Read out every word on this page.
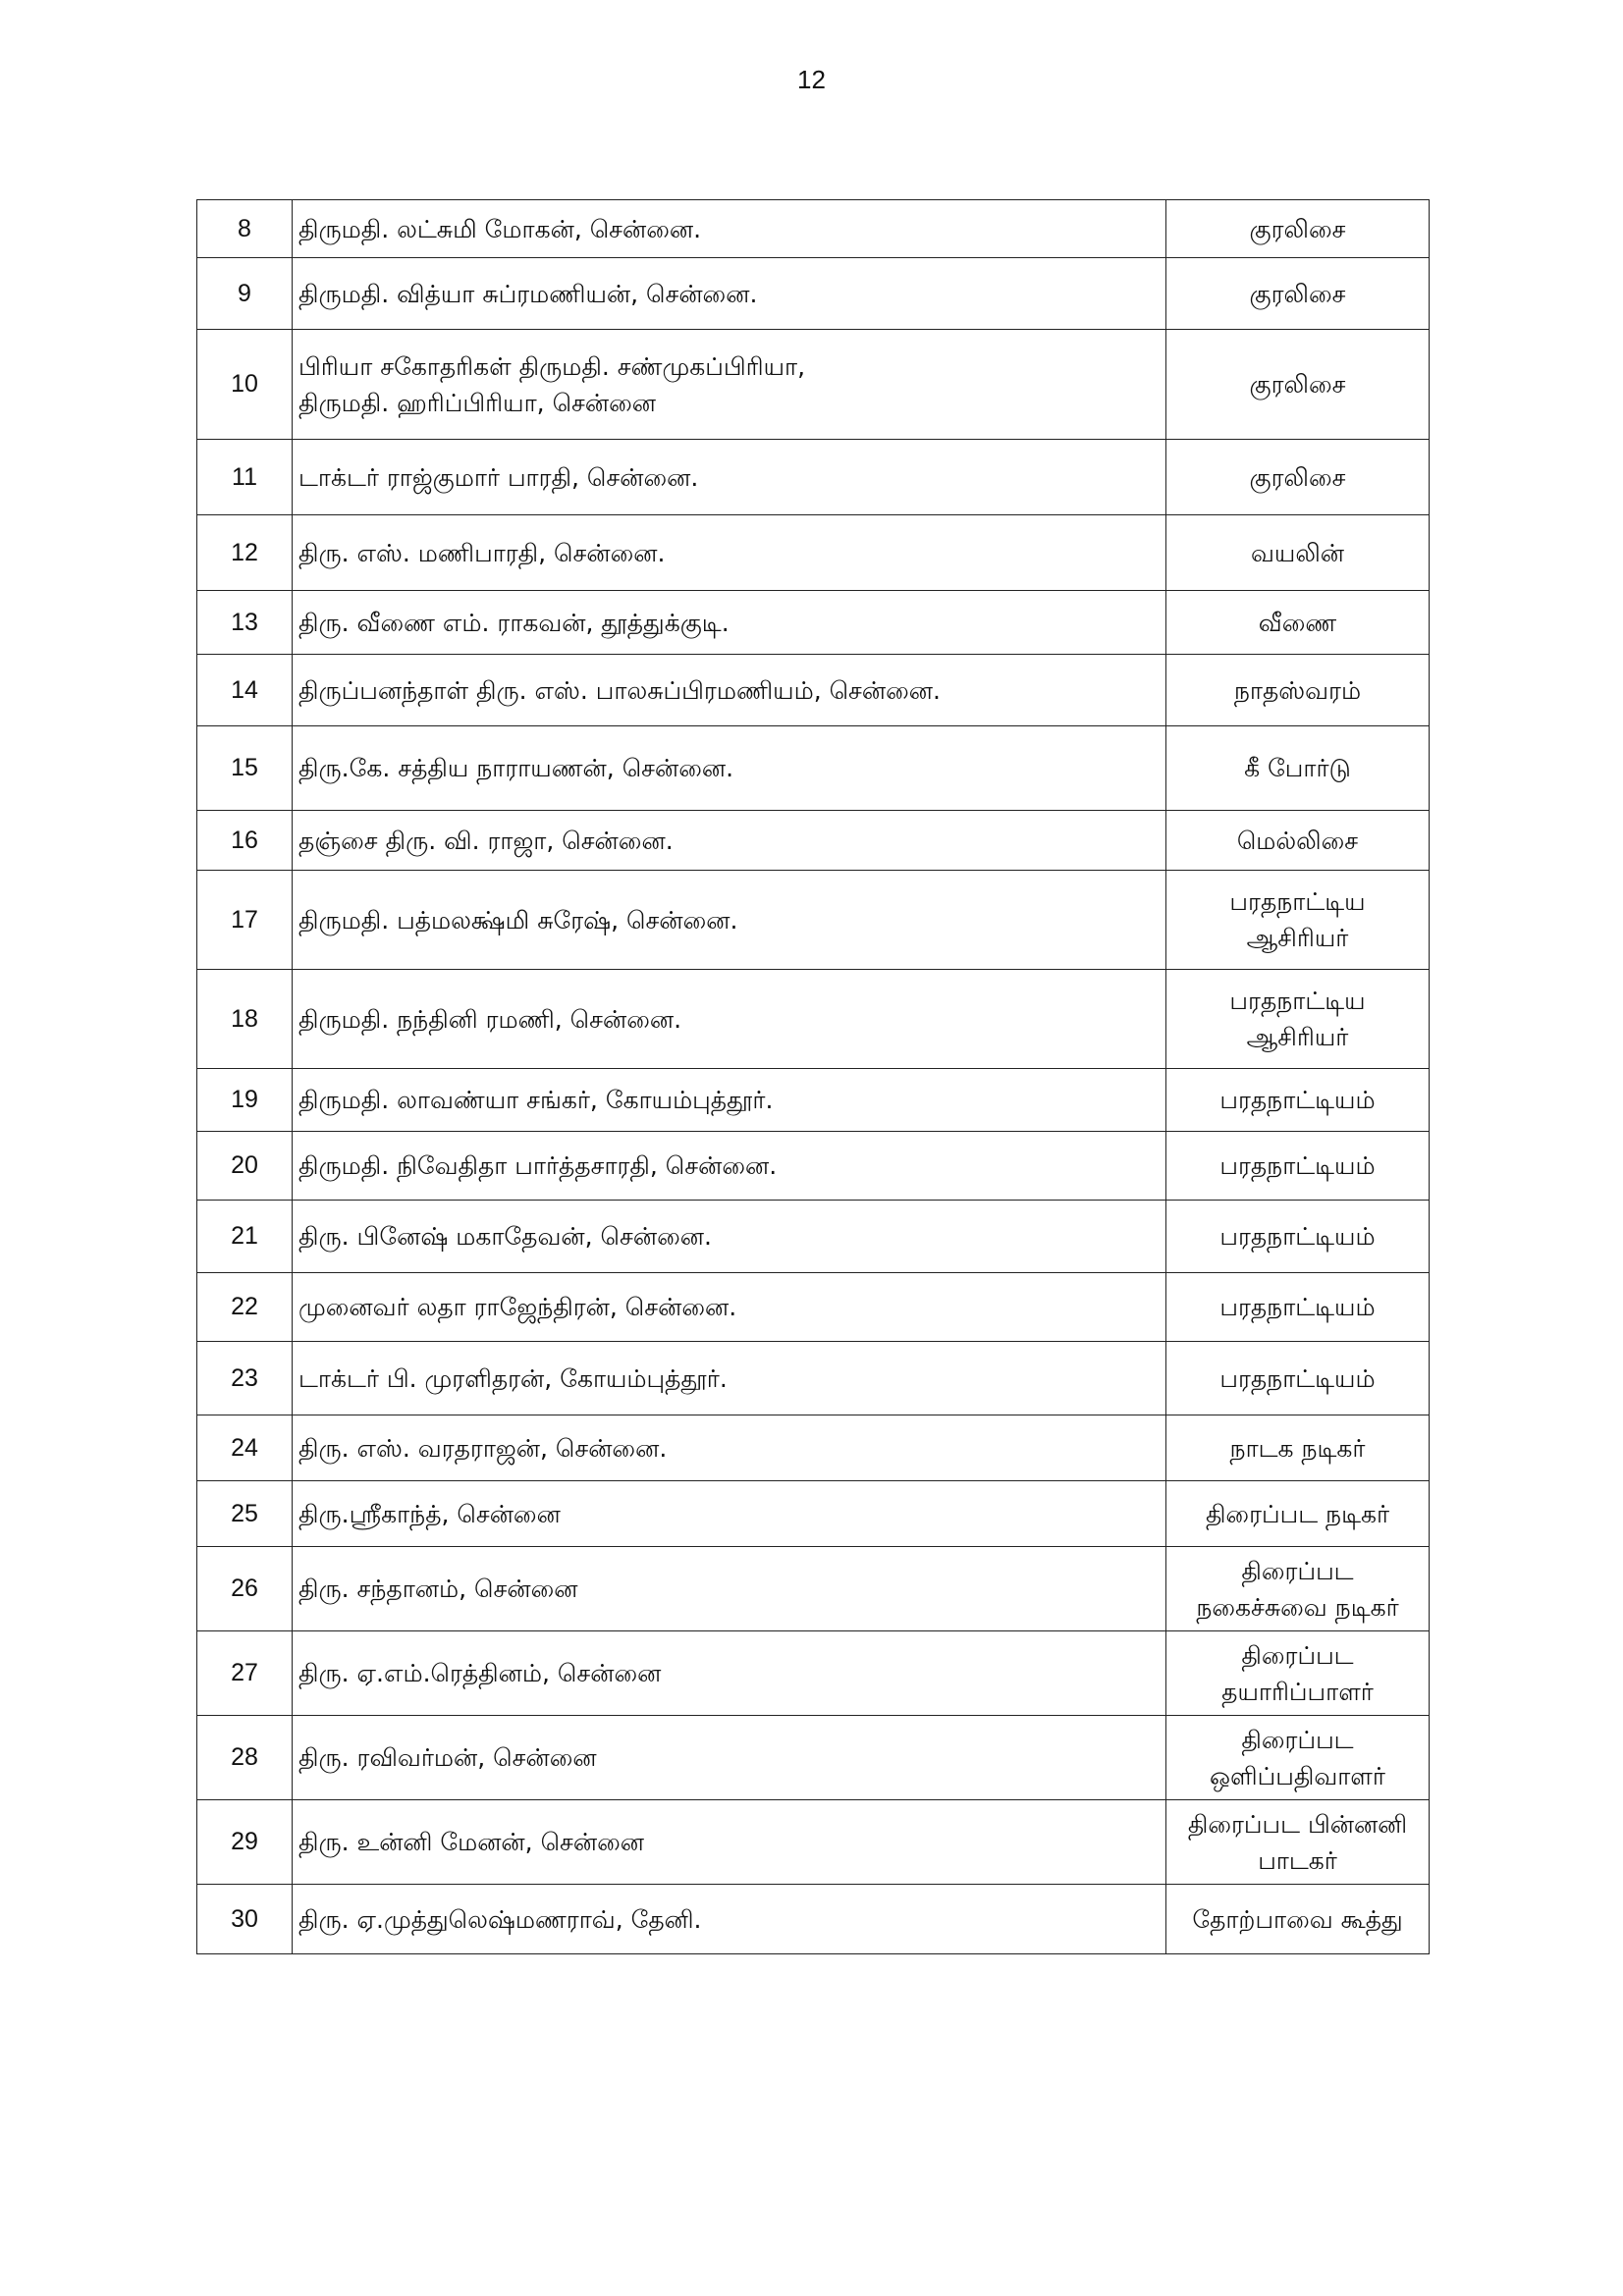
12
8	திருமதி. லட்சுமி மோகன், சென்னை.	குரலிசை
9	திருமதி. வித்யா சுப்ரமணியன், சென்னை.	குரலிசை
10	பிரியா சகோதரிகள் திருமதி. சண்முகப்பிரியா,
திருமதி. ஹரிப்பிரியா, சென்னை	குரலிசை
11	டாக்டர் ராஜ்குமார் பாரதி, சென்னை.	குரலிசை
12	திரு. எஸ். மணிபாரதி, சென்னை.	வயலின்
13	திரு. வீணை எம். ராகவன், தூத்துக்குடி.	வீணை
14	திருப்பனந்தாள் திரு. எஸ். பாலசுப்பிரமணியம், சென்னை.	நாதஸ்வரம்
15	திரு.கே. சத்திய நாராயணன், சென்னை.	கீ போர்டு
16	தஞ்சை திரு. வி. ராஜா, சென்னை.	மெல்லிசை
17	திருமதி. பத்மலக்ஷ்மி சுரேஷ், சென்னை.	பரதநாட்டிய
ஆசிரியர்
18	திருமதி. நந்தினி ரமணி, சென்னை.	பரதநாட்டிய
ஆசிரியர்
19	திருமதி. லாவண்யா சங்கர், கோயம்புத்தூர்.	பரதநாட்டியம்
20	திருமதி. நிவேதிதா பார்த்தசாரதி, சென்னை.	பரதநாட்டியம்
21	திரு. பினேஷ் மகாதேவன், சென்னை.	பரதநாட்டியம்
22	முனைவர் லதா ராஜேந்திரன், சென்னை.	பரதநாட்டியம்
23	டாக்டர் பி. முரளிதரன், கோயம்புத்தூர்.	பரதநாட்டியம்
24	திரு. எஸ். வரதராஜன், சென்னை.	நாடக நடிகர்
25	திரு.ஸ்ரீகாந்த், சென்னை	திரைப்பட நடிகர்
26	திரு. சந்தானம், சென்னை	திரைப்பட
நகைச்சுவை நடிகர்
27	திரு. ஏ.எம்.ரெத்தினம், சென்னை	திரைப்பட
தயாரிப்பாளர்
28	திரு. ரவிவர்மன், சென்னை	திரைப்பட
ஒளிப்பதிவாளர்
29	திரு. உன்னி மேனன், சென்னை	திரைப்பட பின்னனி
பாடகர்
30	திரு. ஏ.முத்துலெஷ்மணராவ், தேனி.	தோற்பாவை கூத்து
